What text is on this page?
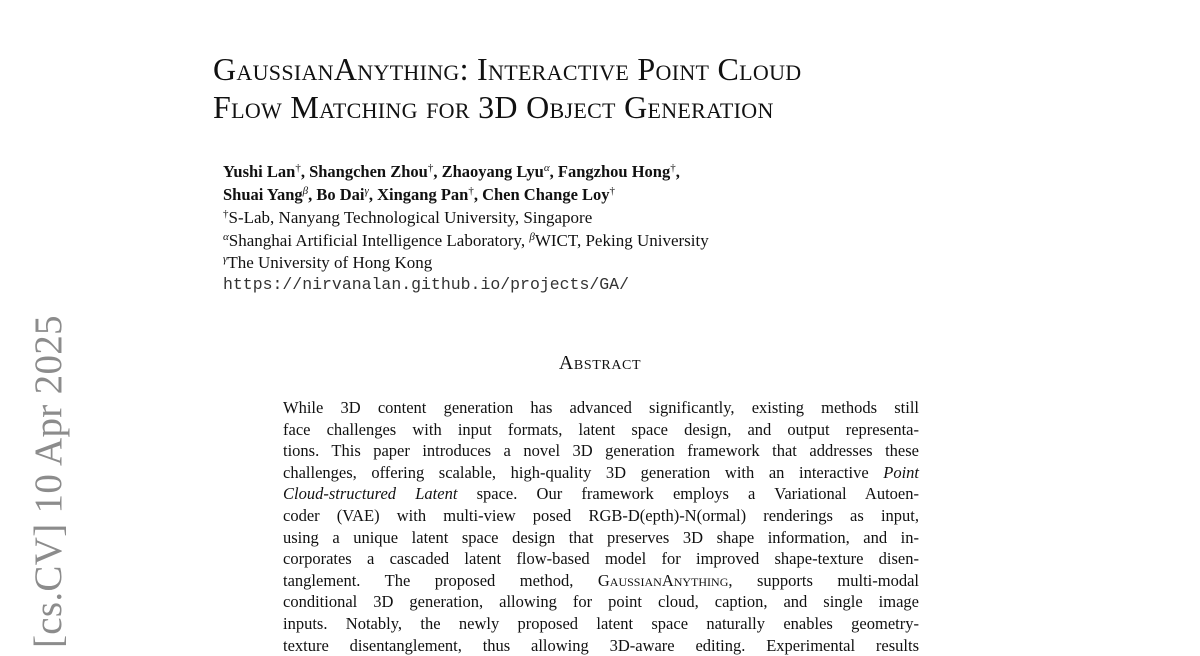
[cs.CV] 10 Apr 2025
GaussianAnything: Interactive Point Cloud
Flow Matching for 3D Object Generation
Yushi Lan†, Shangchen Zhou†, Zhaoyang Lyu$^\alpha$, Fangzhou Hong†,
Shuai Yang$^\beta$, Bo Dai$^\gamma$, Xingang Pan†, Chen Change Loy†
†S-Lab, Nanyang Technological University, Singapore
$^\alpha$Shanghai Artificial Intelligence Laboratory, $^\beta$WICT, Peking University
$^\gamma$The University of Hong Kong
https://nirvanalan.github.io/projects/GA/
Abstract
While 3D content generation has advanced significantly, existing methods still
face challenges with input formats, latent space design, and output representa-
tions. This paper introduces a novel 3D generation framework that addresses these
challenges, offering scalable, high-quality 3D generation with an interactive Point
Cloud-structured Latent space. Our framework employs a Variational Autoen-
coder (VAE) with multi-view posed RGB-D(epth)-N(ormal) renderings as input,
using a unique latent space design that preserves 3D shape information, and in-
corporates a cascaded latent flow-based model for improved shape-texture disen-
tanglement. The proposed method, GaussianAnything, supports multi-modal
conditional 3D generation, allowing for point cloud, caption, and single image
inputs. Notably, the newly proposed latent space naturally enables geometry-
texture disentanglement, thus allowing 3D-aware editing. Experimental results
